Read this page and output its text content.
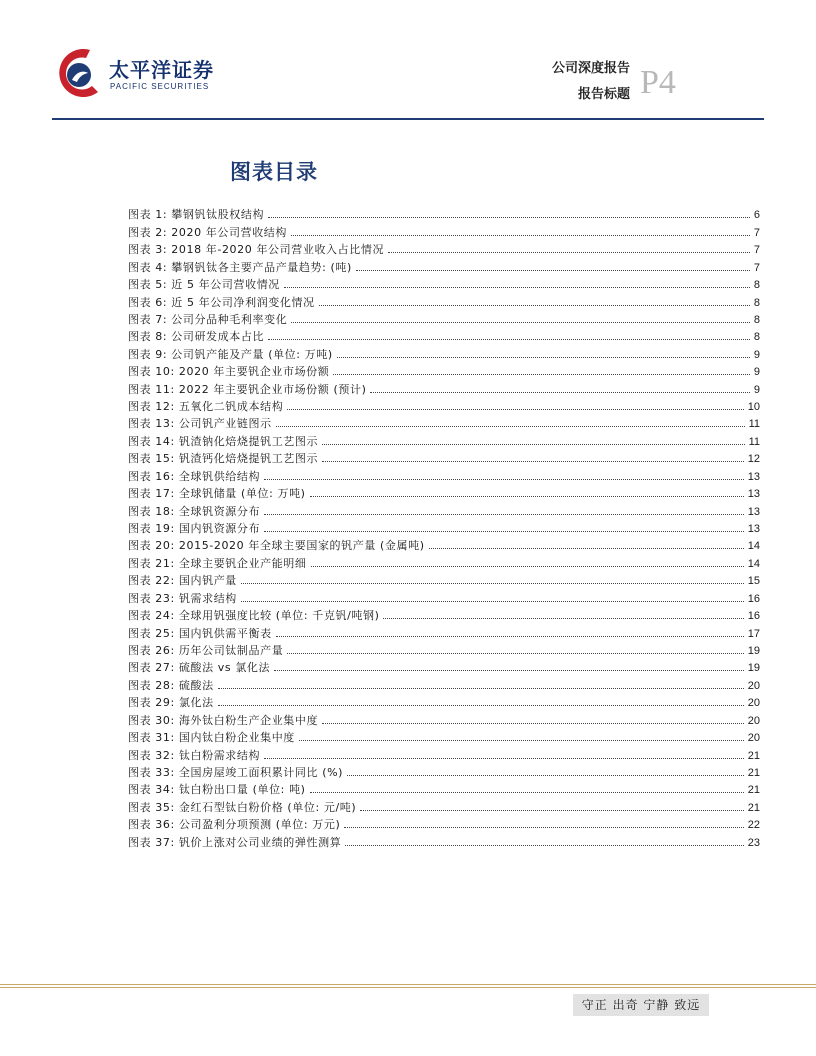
太平洋证券
PACIFIC SECURITIES
公司深度报告
报告标题 P4
图表目录
图表 1: 攀钢钒钛股权结构	6
图表 2: 2020 年公司营收结构	7
图表 3: 2018 年-2020 年公司营业收入占比情况	7
图表 4: 攀钢钒钛各主要产品产量趋势: (吨)	7
图表 5: 近 5 年公司营收情况	8
图表 6: 近 5 年公司净利润变化情况	8
图表 7: 公司分品种毛利率变化	8
图表 8: 公司研发成本占比	8
图表 9: 公司钒产能及产量 (单位: 万吨)	9
图表 10: 2020 年主要钒企业市场份额	9
图表 11: 2022 年主要钒企业市场份额 (预计)	9
图表 12: 五氧化二钒成本结构	10
图表 13: 公司钒产业链图示	11
图表 14: 钒渣钠化焙烧提钒工艺图示	11
图表 15: 钒渣钙化焙烧提钒工艺图示	12
图表 16: 全球钒供给结构	13
图表 17: 全球钒储量 (单位: 万吨)	13
图表 18: 全球钒资源分布	13
图表 19: 国内钒资源分布	13
图表 20: 2015-2020 年全球主要国家的钒产量 (金属吨)	14
图表 21: 全球主要钒企业产能明细	14
图表 22: 国内钒产量	15
图表 23: 钒需求结构	16
图表 24: 全球用钒强度比较 (单位: 千克钒/吨钢)	16
图表 25: 国内钒供需平衡表	17
图表 26: 历年公司钛制品产量	19
图表 27: 硫酸法 vs 氯化法	19
图表 28: 硫酸法	20
图表 29: 氯化法	20
图表 30: 海外钛白粉生产企业集中度	20
图表 31: 国内钛白粉企业集中度	20
图表 32: 钛白粉需求结构	21
图表 33: 全国房屋竣工面积累计同比 (%)	21
图表 34: 钛白粉出口量 (单位: 吨)	21
图表 35: 金红石型钛白粉价格 (单位: 元/吨)	21
图表 36: 公司盈利分项预测 (单位: 万元)	22
图表 37: 钒价上涨对公司业绩的弹性测算	23
守正 出奇 宁静 致远
